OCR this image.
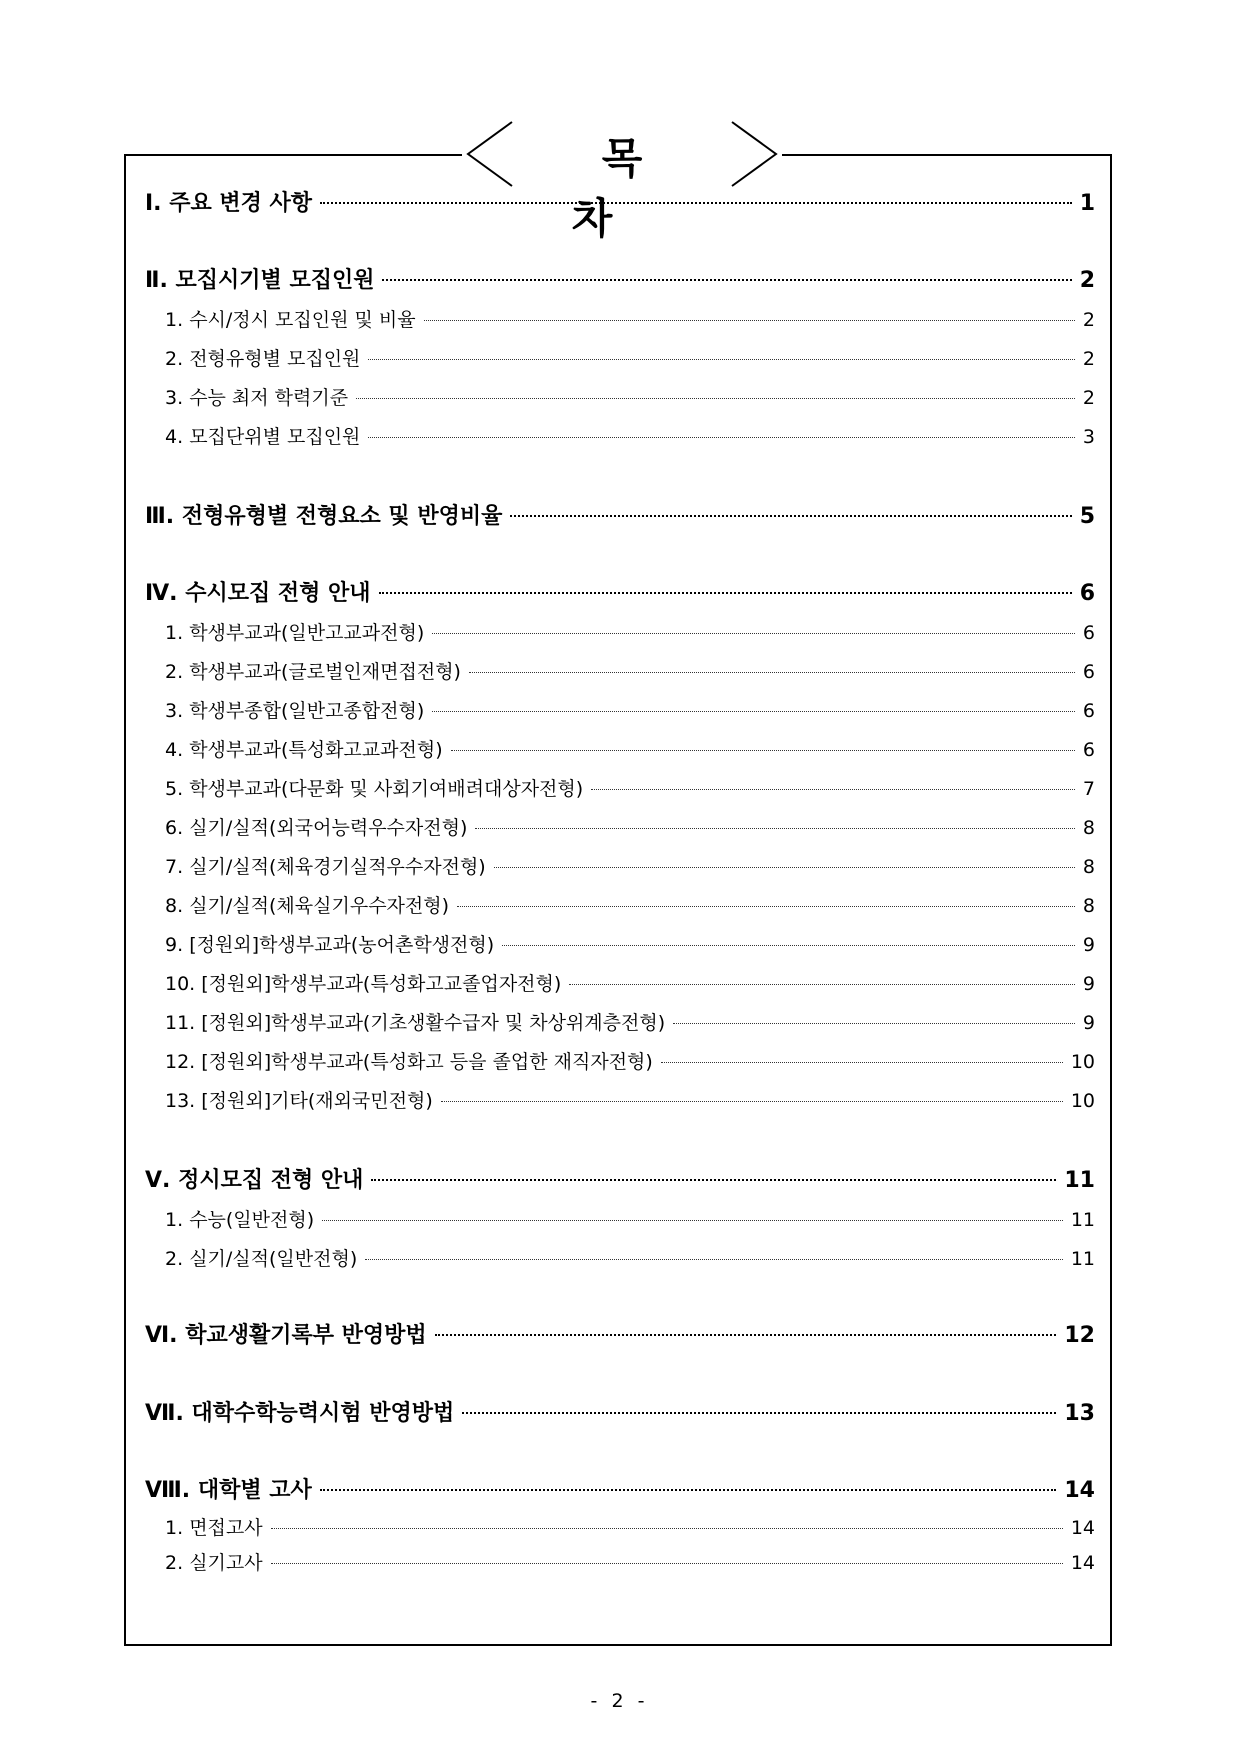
목 차
Ⅰ. 주요 변경 사항	1
Ⅱ. 모집시기별 모집인원	2
1. 수시/정시 모집인원 및 비율	2
2. 전형유형별 모집인원	2
3. 수능 최저 학력기준	2
4. 모집단위별 모집인원	3
Ⅲ. 전형유형별 전형요소 및 반영비율	5
Ⅳ. 수시모집 전형 안내	6
1. 학생부교과(일반고교과전형)	6
2. 학생부교과(글로벌인재면접전형)	6
3. 학생부종합(일반고종합전형)	6
4. 학생부교과(특성화고교과전형)	6
5. 학생부교과(다문화 및 사회기여배려대상자전형)	7
6. 실기/실적(외국어능력우수자전형)	8
7. 실기/실적(체육경기실적우수자전형)	8
8. 실기/실적(체육실기우수자전형)	8
9. [정원외]학생부교과(농어촌학생전형)	9
10. [정원외]학생부교과(특성화고교졸업자전형)	9
11. [정원외]학생부교과(기초생활수급자 및 차상위계층전형)	9
12. [정원외]학생부교과(특성화고 등을 졸업한 재직자전형)	10
13. [정원외]기타(재외국민전형)	10
Ⅴ. 정시모집 전형 안내	11
1. 수능(일반전형)	11
2. 실기/실적(일반전형)	11
Ⅵ. 학교생활기록부 반영방법	12
Ⅶ. 대학수학능력시험 반영방법	13
Ⅷ. 대학별 고사	14
1. 면접고사	14
2. 실기고사	14
- 2 -
